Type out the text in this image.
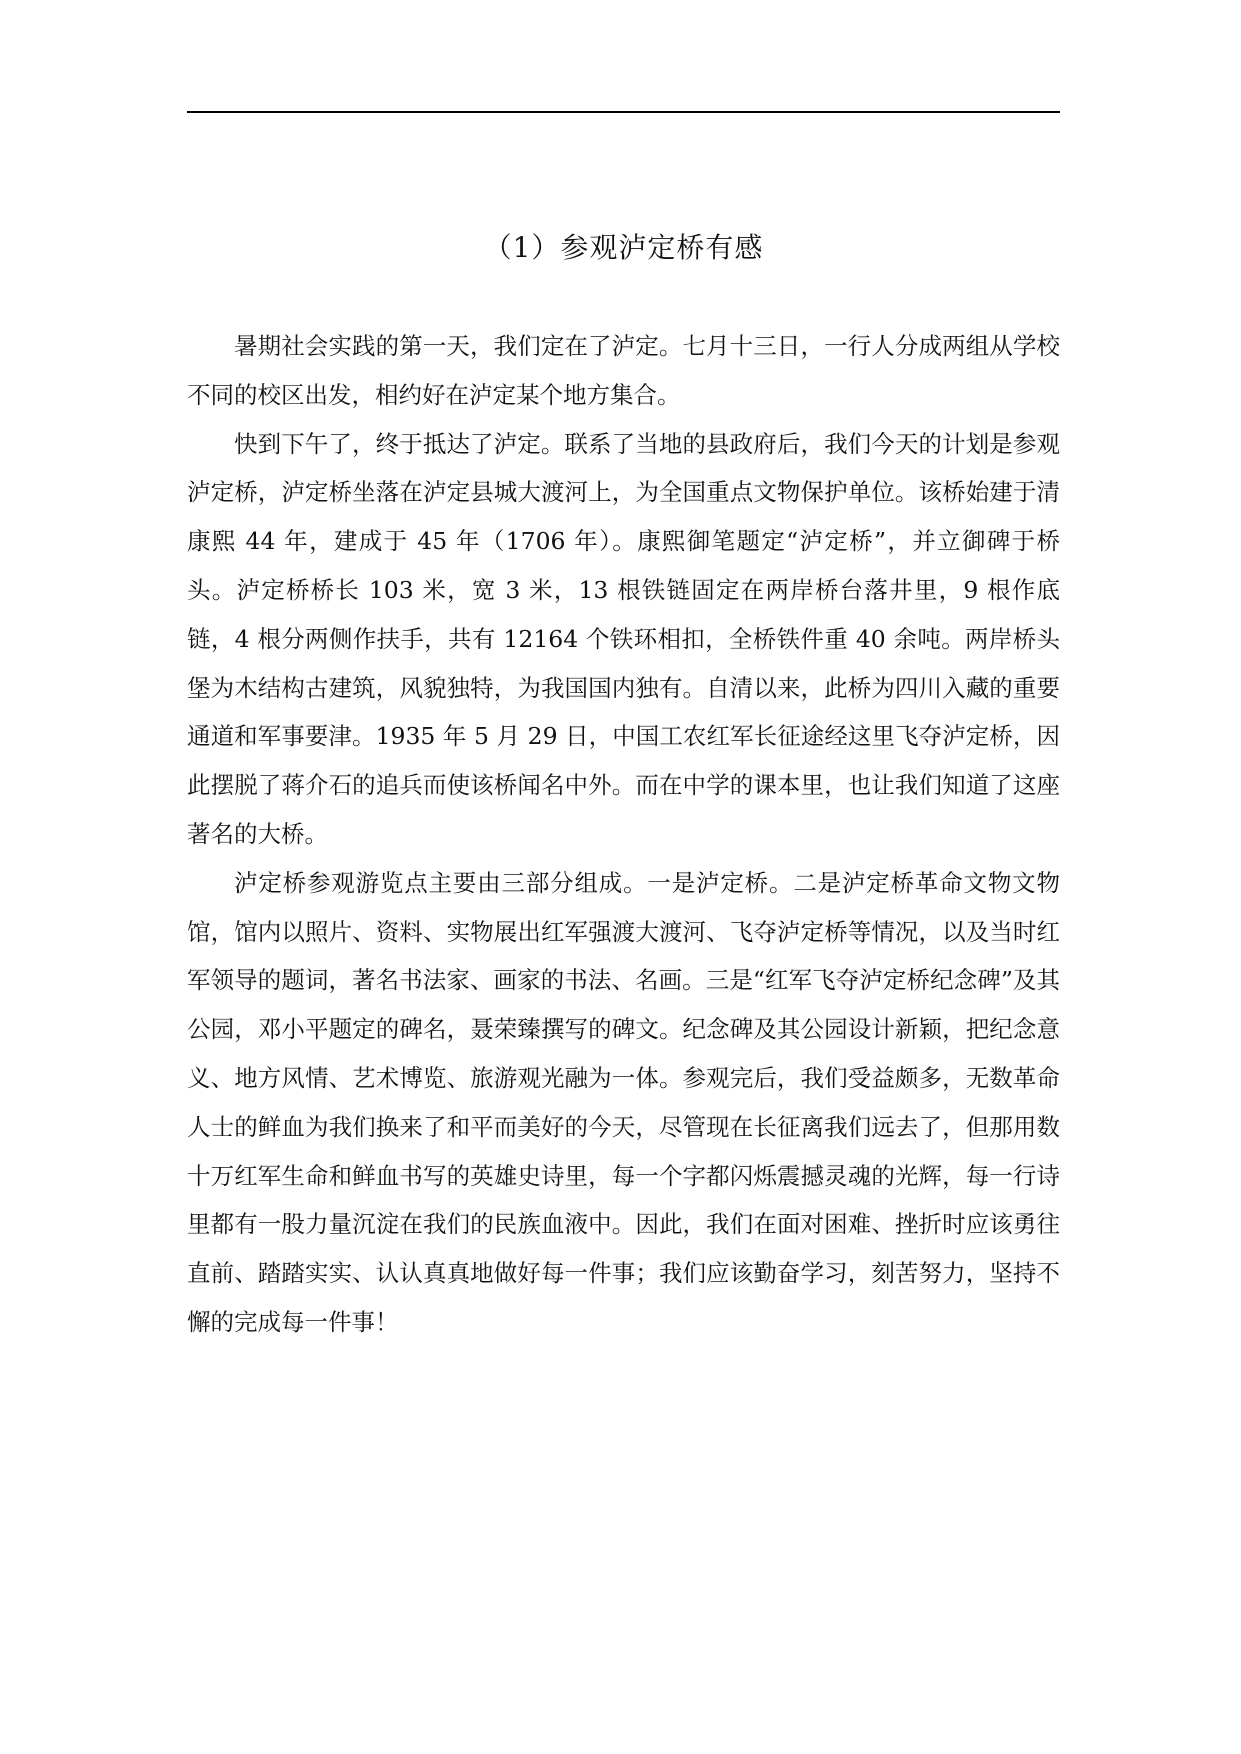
（1）参观泸定桥有感

暑期社会实践的第一天，我们定在了泸定。七月十三日，一行人分成两组从学校不同的校区出发，相约好在泸定某个地方集合。

快到下午了，终于抵达了泸定。联系了当地的县政府后，我们今天的计划是参观泸定桥，泸定桥坐落在泸定县城大渡河上，为全国重点文物保护单位。该桥始建于清康熙 44 年，建成于 45 年（1706 年）。康熙御笔题定“泸定桥”，并立御碑于桥头。泸定桥桥长 103 米，宽 3 米，13 根铁链固定在两岸桥台落井里，9 根作底链，4 根分两侧作扶手，共有 12164 个铁环相扣，全桥铁件重 40 余吨。两岸桥头堡为木结构古建筑，风貌独特，为我国国内独有。自清以来，此桥为四川入藏的重要通道和军事要津。1935 年 5 月 29 日，中国工农红军长征途经这里飞夺泸定桥，因此摆脱了蒋介石的追兵而使该桥闻名中外。而在中学的课本里，也让我们知道了这座著名的大桥。

泸定桥参观游览点主要由三部分组成。一是泸定桥。二是泸定桥革命文物文物馆，馆内以照片、资料、实物展出红军强渡大渡河、飞夺泸定桥等情况，以及当时红军领导的题词，著名书法家、画家的书法、名画。三是“红军飞夺泸定桥纪念碑”及其公园，邓小平题定的碑名，聂荣臻撰写的碑文。纪念碑及其公园设计新颖，把纪念意义、地方风情、艺术博览、旅游观光融为一体。参观完后，我们受益颇多，无数革命人士的鲜血为我们换来了和平而美好的今天，尽管现在长征离我们远去了，但那用数十万红军生命和鲜血书写的英雄史诗里，每一个字都闪烁震撼灵魂的光辉，每一行诗里都有一股力量沉淀在我们的民族血液中。因此，我们在面对困难、挫折时应该勇往直前、踏踏实实、认认真真地做好每一件事；我们应该勤奋学习，刻苦努力，坚持不懈的完成每一件事！
